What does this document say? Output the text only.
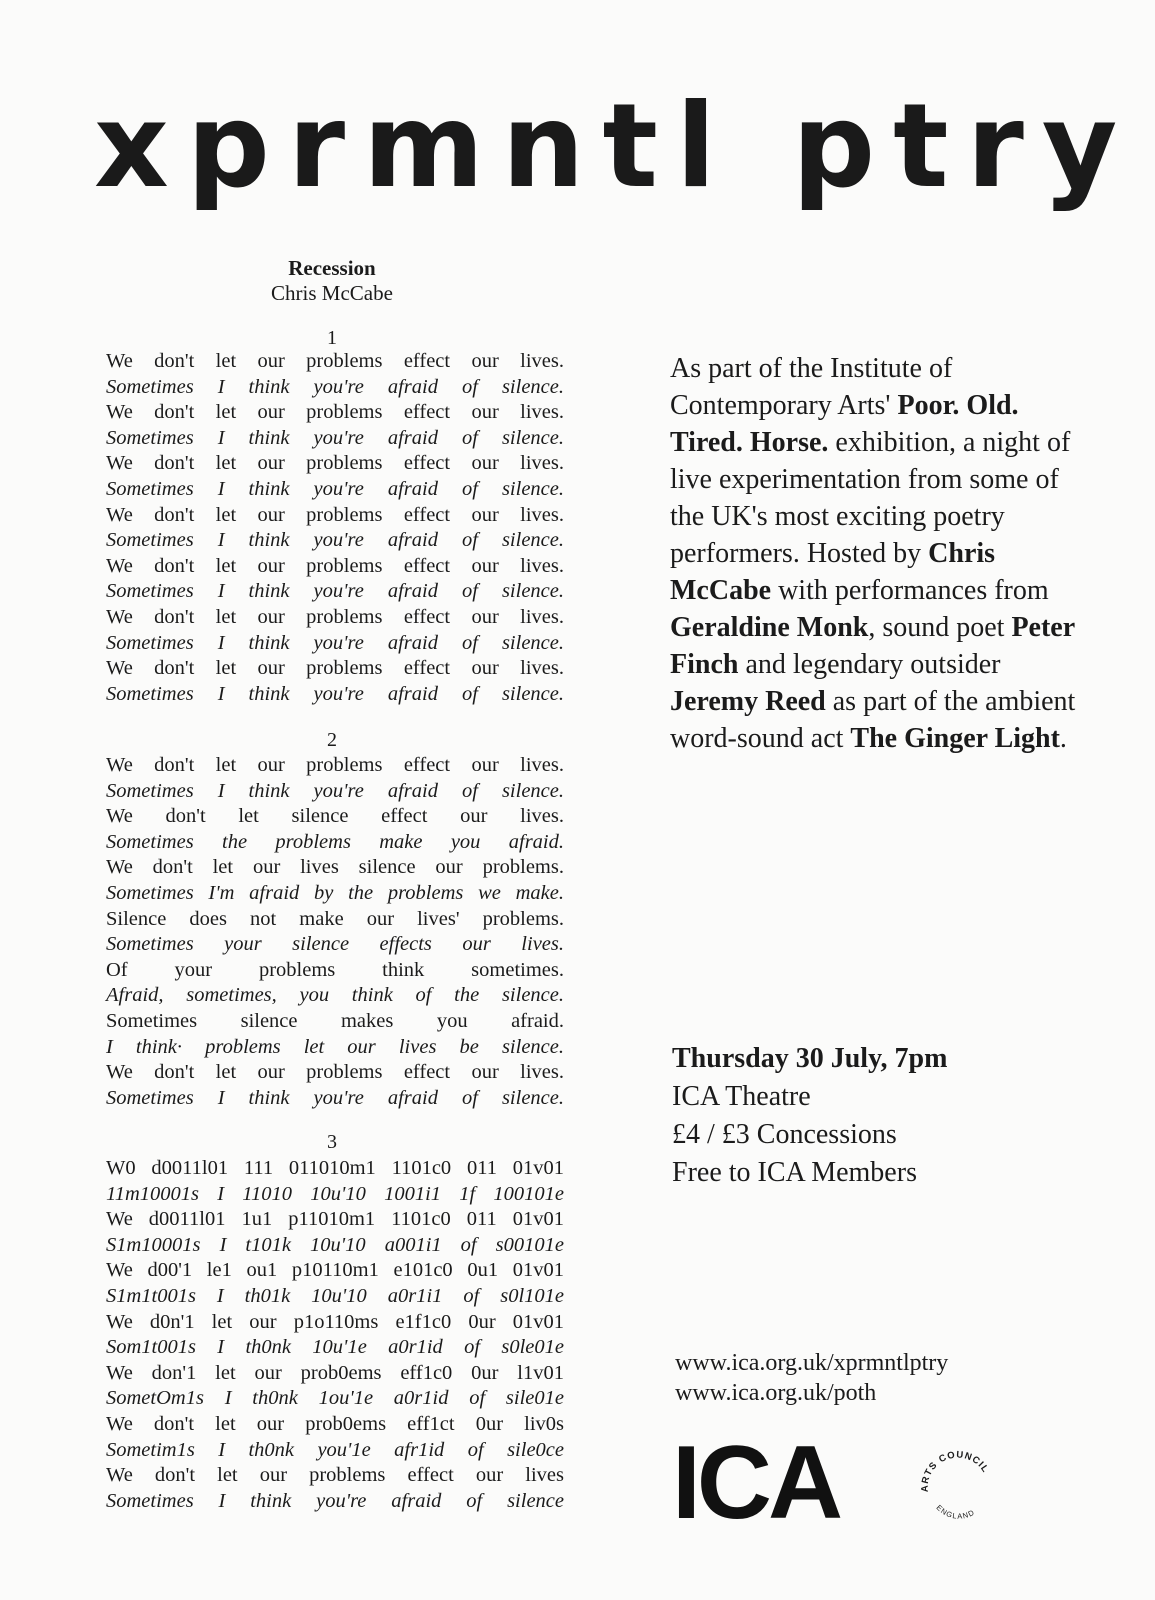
xprmntl ptry
Recession
Chris McCabe
1
We don't let our problems effect our lives.
Sometimes I think you're afraid of silence.
We don't let our problems effect our lives.
Sometimes I think you're afraid of silence.
We don't let our problems effect our lives.
Sometimes I think you're afraid of silence.
We don't let our problems effect our lives.
Sometimes I think you're afraid of silence.
We don't let our problems effect our lives.
Sometimes I think you're afraid of silence.
We don't let our problems effect our lives.
Sometimes I think you're afraid of silence.
We don't let our problems effect our lives.
Sometimes I think you're afraid of silence.
2
We don't let our problems effect our lives.
Sometimes I think you're afraid of silence.
We don't let silence effect our lives.
Sometimes the problems make you afraid.
We don't let our lives silence our problems.
Sometimes I'm afraid by the problems we make.
Silence does not make our lives' problems.
Sometimes your silence effects our lives.
Of your problems think sometimes.
Afraid, sometimes, you think of the silence.
Sometimes silence makes you afraid.
I think· problems let our lives be silence.
We don't let our problems effect our lives.
Sometimes I think you're afraid of silence.
3
W0 d0011l01 111 011010m1 1101c0 011 01v01
11m10001s I 11010 10u'10 1001i1 1f 100101e
We d0011l01 1u1 p11010m1 1101c0 011 01v01
S1m10001s I t101k 10u'10 a001i1 of s00101e
We d00'1 le1 ou1 p10110m1 e101c0 0u1 01v01
S1m1t001s I th01k 10u'10 a0r1i1 of s0l101e
We d0n'1 let our p1o110ms e1f1c0 0ur 01v01
Som1t001s I th0nk 10u'1e a0r1id of s0le01e
We don'1 let our prob0ems eff1c0 0ur l1v01
SometOm1s I th0nk 1ou'1e a0r1id of sile01e
We don't let our prob0ems eff1ct 0ur liv0s
Sometim1s I th0nk you'1e afr1id of sile0ce
We don't let our problems effect our lives
Sometimes I think you're afraid of silence
As part of the Institute of Contemporary Arts' Poor. Old. Tired. Horse. exhibition, a night of live experimentation from some of the UK's most exciting poetry performers. Hosted by Chris McCabe with performances from Geraldine Monk, sound poet Peter Finch and legendary outsider Jeremy Reed as part of the ambient word-sound act The Ginger Light.
Thursday 30 July, 7pm
ICA Theatre
£4 / £3 Concessions
Free to ICA Members
www.ica.org.uk/xprmntlptry
www.ica.org.uk/poth
ICA	ARTS COUNCIL
ENGLAND
